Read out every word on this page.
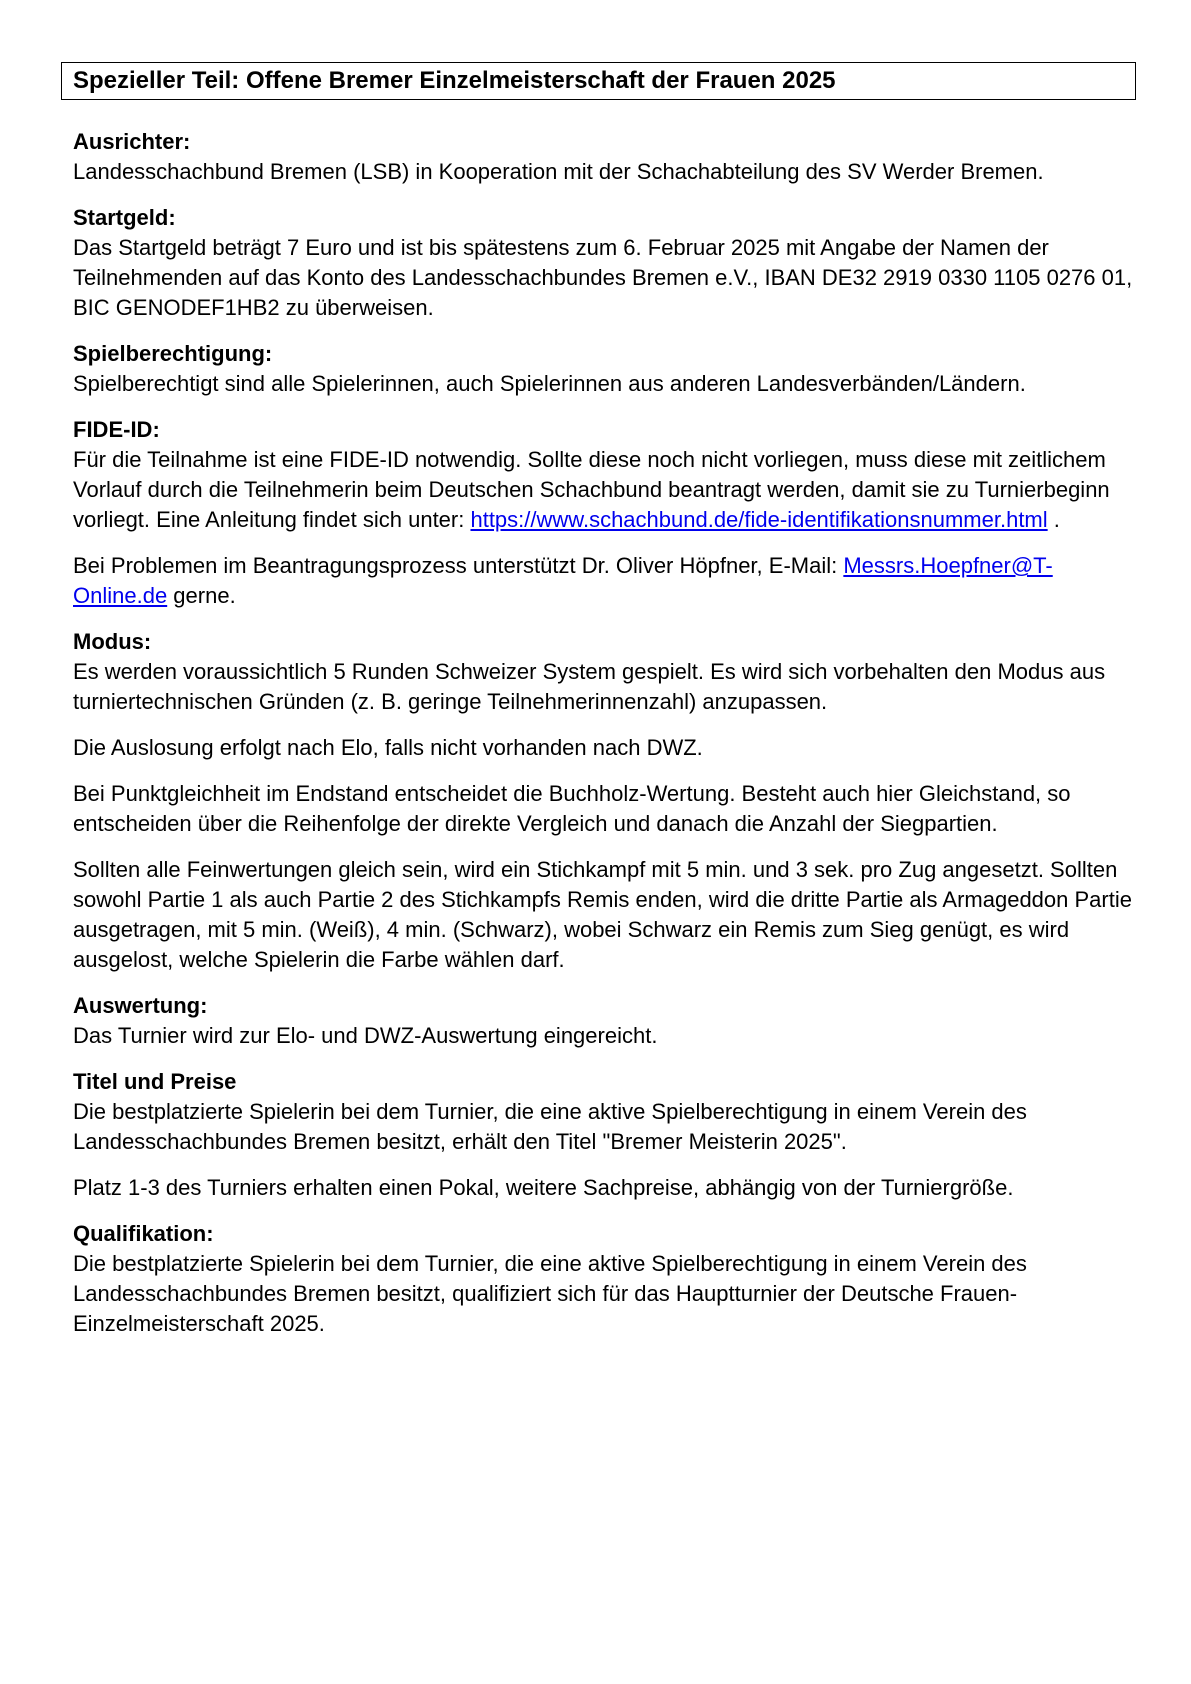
Spezieller Teil: Offene Bremer Einzelmeisterschaft der Frauen 2025

Ausrichter:

Landesschachbund Bremen (LSB) in Kooperation mit der Schachabteilung des SV Werder Bremen.

Startgeld:

Das Startgeld beträgt 7 Euro und ist bis spätestens zum 6. Februar 2025 mit Angabe der Namen der Teilnehmenden auf das Konto des Landesschachbundes Bremen e.V., IBAN DE32 2919 0330 1105 0276 01, BIC GENODEF1HB2 zu überweisen.

Spielberechtigung:

Spielberechtigt sind alle Spielerinnen, auch Spielerinnen aus anderen Landesverbänden/Ländern.

FIDE-ID:

Für die Teilnahme ist eine FIDE-ID notwendig. Sollte diese noch nicht vorliegen, muss diese mit zeitlichem Vorlauf durch die Teilnehmerin beim Deutschen Schachbund beantragt werden, damit sie zu Turnierbeginn vorliegt. Eine Anleitung findet sich unter: https://www.schachbund.de/fide-identifikationsnummer.html .

Bei Problemen im Beantragungsprozess unterstützt Dr. Oliver Höpfner, E-Mail: Messrs.Hoepfner@T-Online.de gerne.

Modus:

Es werden voraussichtlich 5 Runden Schweizer System gespielt. Es wird sich vorbehalten den Modus aus turniertechnischen Gründen (z. B. geringe Teilnehmerinnenzahl) anzupassen.

Die Auslosung erfolgt nach Elo, falls nicht vorhanden nach DWZ.

Bei Punktgleichheit im Endstand entscheidet die Buchholz-Wertung. Besteht auch hier Gleichstand, so entscheiden über die Reihenfolge der direkte Vergleich und danach die Anzahl der Siegpartien.

Sollten alle Feinwertungen gleich sein, wird ein Stichkampf mit 5 min. und 3 sek. pro Zug angesetzt. Sollten sowohl Partie 1 als auch Partie 2 des Stichkampfs Remis enden, wird die dritte Partie als Armageddon Partie ausgetragen, mit 5 min. (Weiß), 4 min. (Schwarz), wobei Schwarz ein Remis zum Sieg genügt, es wird ausgelost, welche Spielerin die Farbe wählen darf.

Auswertung:

Das Turnier wird zur Elo- und DWZ-Auswertung eingereicht.

Titel und Preise

Die bestplatzierte Spielerin bei dem Turnier, die eine aktive Spielberechtigung in einem Verein des Landesschachbundes Bremen besitzt, erhält den Titel "Bremer Meisterin 2025".

Platz 1-3 des Turniers erhalten einen Pokal, weitere Sachpreise, abhängig von der Turniergröße.

Qualifikation:

Die bestplatzierte Spielerin bei dem Turnier, die eine aktive Spielberechtigung in einem Verein des Landesschachbundes Bremen besitzt, qualifiziert sich für das Hauptturnier der Deutsche Frauen-Einzelmeisterschaft 2025.
